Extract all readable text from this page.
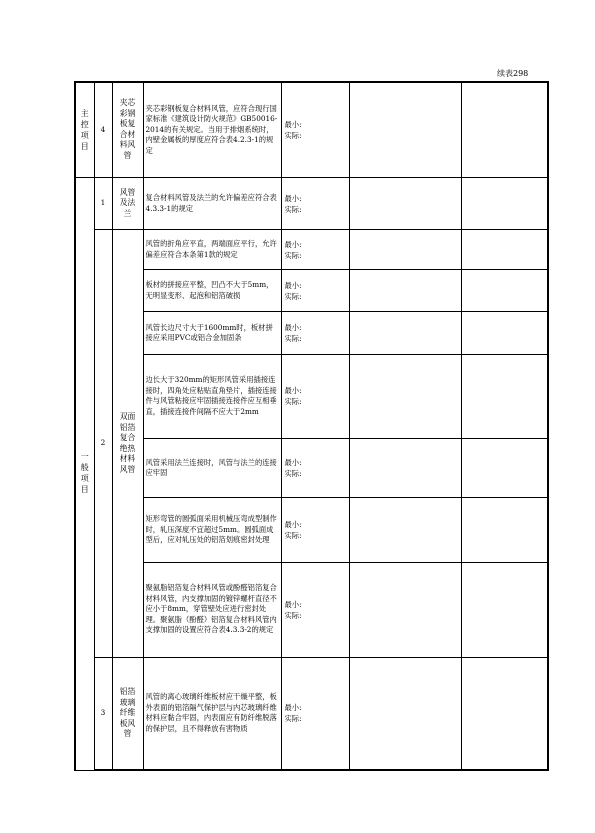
续表298
主控项目	4	夹芯彩钢板复合材料风管	夹芯彩钢板复合材料风管，应符合现行国家标准《建筑设计防火规范》GB50016-2014的有关规定。当用于排烟系统时，内壁金属板的厚度应符合表4.2.3-1的规定	最小:
实际:		

一般项目	1	风管及法兰	复合材料风管及法兰的允许偏差应符合表4.3.3-1的规定	最小:
实际:		

	2	双面铝箔复合绝热材料风管	风管的折角应平直，两端面应平行，允许偏差应符合本条第1款的规定	最小:
实际:		

			板材的拼接应平整，凹凸不大于5mm，无明显变形、起泡和铝箔破损	最小:
实际:		

			风管长边尺寸大于1600mm时，板材拼接应采用PVC或铝合金加固条	最小:
实际:		

			边长大于320mm的矩形风管采用插接连接时，四角处应粘贴直角垫片，插接连接件与风管粘接应牢固插接连接件应互相垂直，插接连接件间隔不应大于2mm	最小:
实际:		

			风管采用法兰连接时，风管与法兰的连接应牢固	最小:
实际:		

			矩形弯管的圆弧面采用机械压弯成型制作时，轧压深度不宜超过5mm。圆弧面成型后，应对轧压处的铝箔划痕密封处理	最小:
实际:		

			聚氨脂铝箔复合材料风管或酚醛铝箔复合材料风管，内支撑加固的镀锌螺杆直径不应小于8mm，穿管壁处应进行密封处理。聚氨脂（酚醛）铝箔复合材料风管内支撑加固的设置应符合表4.3.3-2的规定	最小:
实际:		

	3	铝箔玻璃纤维板风管	风管的离心玻璃纤维板材应干燥平整，板外表面的铝箔隔气保护层与内芯玻璃纤维材料应黏合牢固，内表面应有防纤维脱落的保护层，且不得释放有害物质	最小:
实际:		
